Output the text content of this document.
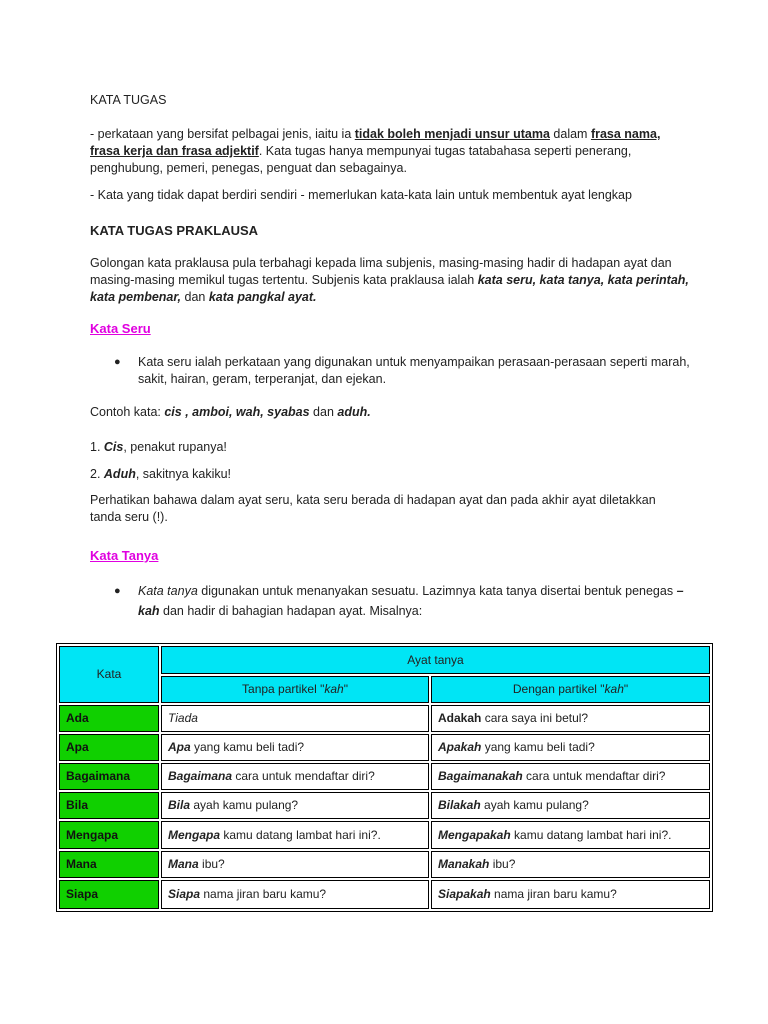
KATA TUGAS

- perkataan yang bersifat pelbagai jenis, iaitu ia tidak boleh menjadi unsur utama dalam frasa nama, frasa kerja dan frasa adjektif. Kata tugas hanya mempunyai tugas tatabahasa seperti penerang, penghubung, pemeri, penegas, penguat dan sebagainya.

- Kata yang tidak dapat berdiri sendiri - memerlukan kata-kata lain untuk membentuk ayat lengkap

KATA TUGAS PRAKLAUSA

Golongan kata praklausa pula terbahagi kepada lima subjenis, masing-masing hadir di hadapan ayat dan masing-masing memikul tugas tertentu. Subjenis kata praklausa ialah kata seru, kata tanya, kata perintah, kata pembenar, dan kata pangkal ayat.

Kata Seru

● Kata seru ialah perkataan yang digunakan untuk menyampaikan perasaan-perasaan seperti marah, sakit, hairan, geram, terperanjat, dan ejekan.

Contoh kata: cis , amboi, wah, syabas dan aduh.

1. Cis, penakut rupanya!

2. Aduh, sakitnya kakiku!

Perhatikan bahawa dalam ayat seru, kata seru berada di hadapan ayat dan pada akhir ayat diletakkan tanda seru (!).

Kata Tanya

● Kata tanya digunakan untuk menanyakan sesuatu. Lazimnya kata tanya disertai bentuk penegas –kah dan hadir di bahagian hadapan ayat. Misalnya:

Kata	Ayat tanya	
	Tanpa partikel "kah"	Dengan partikel "kah"
Ada	Tiada	Adakah cara saya ini betul?
Apa	Apa yang kamu beli tadi?	Apakah yang kamu beli tadi?
Bagaimana	Bagaimana cara untuk mendaftar diri?	Bagaimanakah cara untuk mendaftar diri?
Bila	Bila ayah kamu pulang?	Bilakah ayah kamu pulang?
Mengapa	Mengapa kamu datang lambat hari ini?.	Mengapakah kamu datang lambat hari ini?.
Mana	Mana ibu?	Manakah ibu?
Siapa	Siapa nama jiran baru kamu?	Siapakah nama jiran baru kamu?
